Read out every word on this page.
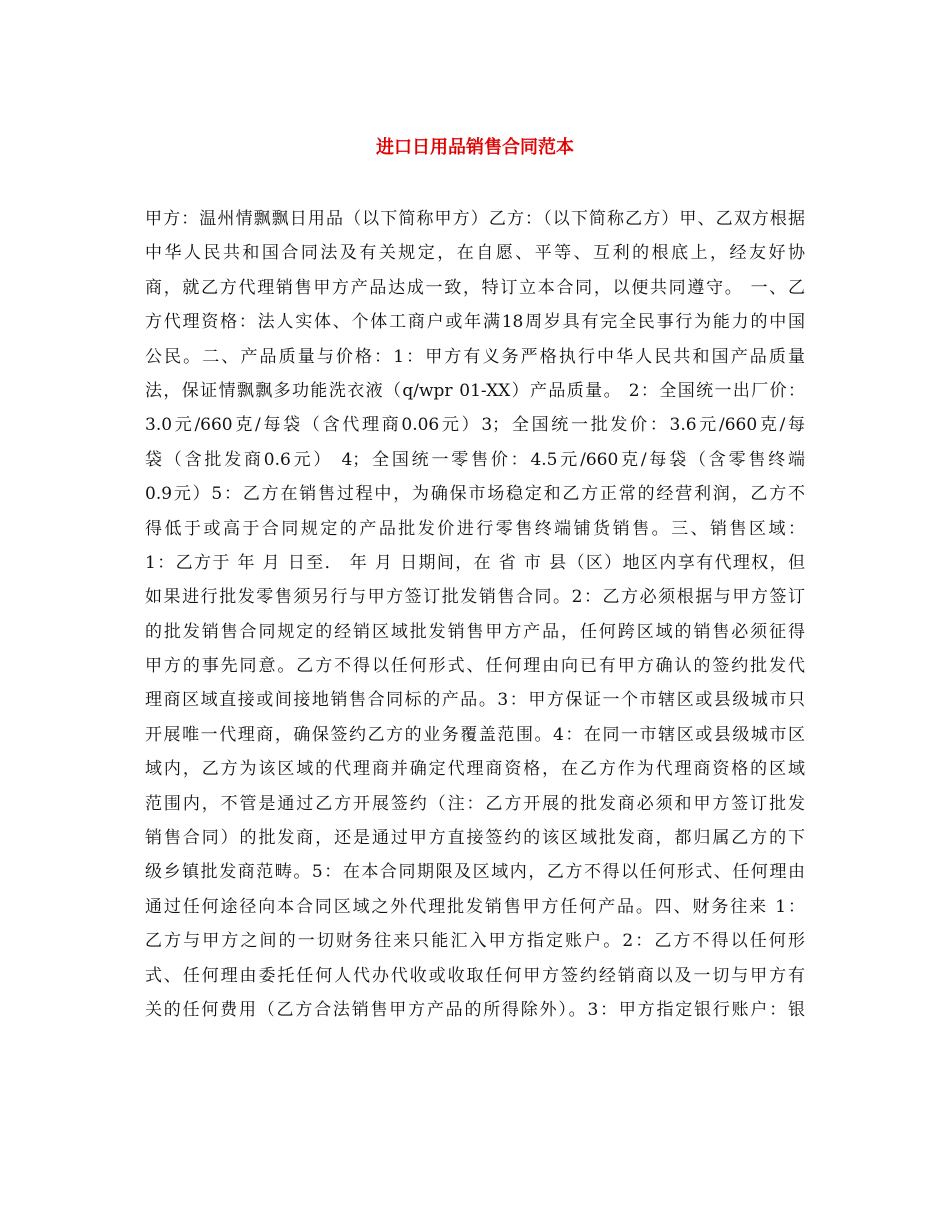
进口日用品销售合同范本
甲方：温州情飘飘日用品（以下简称甲方）乙方：（以下简称乙方）甲、乙双方根据
中华人民共和国合同法及有关规定，在自愿、平等、互利的根底上，经友好协
商，就乙方代理销售甲方产品达成一致，特订立本合同，以便共同遵守。 一、乙
方代理资格：法人实体、个体工商户或年满18周岁具有完全民事行为能力的中国
公民。二、产品质量与价格：1：甲方有义务严格执行中华人民共和国产品质量
法，保证情飘飘多功能洗衣液（q/wpr 01-XX）产品质量。 2：全国统一出厂价：
3.0元/660克/每袋（含代理商0.06元）3；全国统一批发价：3.6元/660克/每
袋（含批发商0.6元） 4；全国统一零售价：4.5元/660克/每袋（含零售终端
0.9元）5：乙方在销售过程中，为确保市场稳定和乙方正常的经营利润，乙方不
得低于或高于合同规定的产品批发价进行零售终端铺货销售。三、销售区域：
1：乙方于 年 月 日至． 年 月 日期间，在 省 市 县（区）地区内享有代理权，但
如果进行批发零售须另行与甲方签订批发销售合同。2：乙方必须根据与甲方签订
的批发销售合同规定的经销区域批发销售甲方产品，任何跨区域的销售必须征得
甲方的事先同意。乙方不得以任何形式、任何理由向已有甲方确认的签约批发代
理商区域直接或间接地销售合同标的产品。3：甲方保证一个市辖区或县级城市只
开展唯一代理商，确保签约乙方的业务覆盖范围。4：在同一市辖区或县级城市区
域内，乙方为该区域的代理商并确定代理商资格，在乙方作为代理商资格的区域
范围内，不管是通过乙方开展签约（注：乙方开展的批发商必须和甲方签订批发
销售合同）的批发商，还是通过甲方直接签约的该区域批发商，都归属乙方的下
级乡镇批发商范畴。5：在本合同期限及区域内，乙方不得以任何形式、任何理由
通过任何途径向本合同区域之外代理批发销售甲方任何产品。四、财务往来 1：
乙方与甲方之间的一切财务往来只能汇入甲方指定账户。2：乙方不得以任何形
式、任何理由委托任何人代办代收或收取任何甲方签约经销商以及一切与甲方有
关的任何费用（乙方合法销售甲方产品的所得除外）。3：甲方指定银行账户：银
